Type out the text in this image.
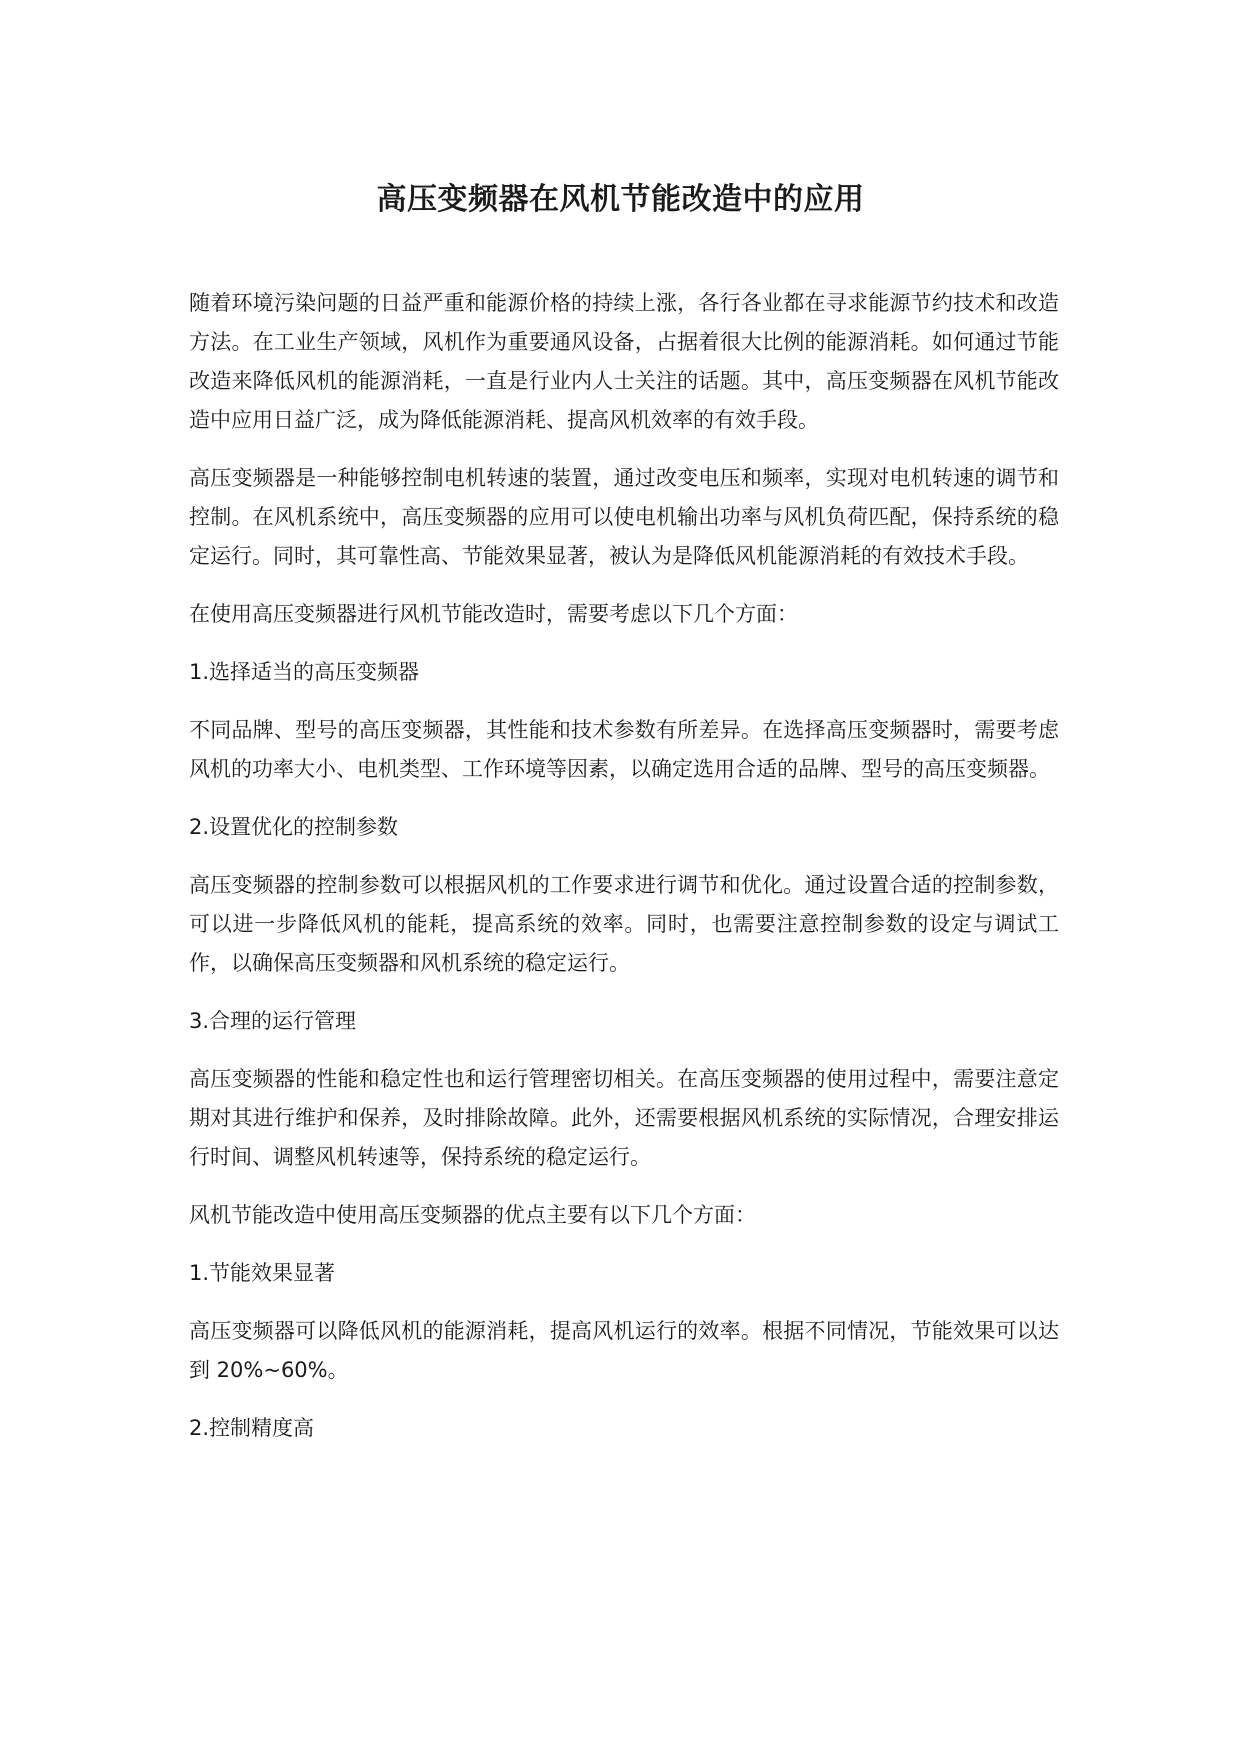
高压变频器在风机节能改造中的应用

随着环境污染问题的日益严重和能源价格的持续上涨，各行各业都在寻求能源节约技术和改造方法。在工业生产领域，风机作为重要通风设备，占据着很大比例的能源消耗。如何通过节能改造来降低风机的能源消耗，一直是行业内人士关注的话题。其中，高压变频器在风机节能改造中应用日益广泛，成为降低能源消耗、提高风机效率的有效手段。

高压变频器是一种能够控制电机转速的装置，通过改变电压和频率，实现对电机转速的调节和控制。在风机系统中，高压变频器的应用可以使电机输出功率与风机负荷匹配，保持系统的稳定运行。同时，其可靠性高、节能效果显著，被认为是降低风机能源消耗的有效技术手段。

在使用高压变频器进行风机节能改造时，需要考虑以下几个方面：

1.选择适当的高压变频器

不同品牌、型号的高压变频器，其性能和技术参数有所差异。在选择高压变频器时，需要考虑风机的功率大小、电机类型、工作环境等因素，以确定选用合适的品牌、型号的高压变频器。

2.设置优化的控制参数

高压变频器的控制参数可以根据风机的工作要求进行调节和优化。通过设置合适的控制参数，可以进一步降低风机的能耗，提高系统的效率。同时，也需要注意控制参数的设定与调试工作，以确保高压变频器和风机系统的稳定运行。

3.合理的运行管理

高压变频器的性能和稳定性也和运行管理密切相关。在高压变频器的使用过程中，需要注意定期对其进行维护和保养，及时排除故障。此外，还需要根据风机系统的实际情况，合理安排运行时间、调整风机转速等，保持系统的稳定运行。

风机节能改造中使用高压变频器的优点主要有以下几个方面：

1.节能效果显著

高压变频器可以降低风机的能源消耗，提高风机运行的效率。根据不同情况，节能效果可以达到 20%~60%。

2.控制精度高
